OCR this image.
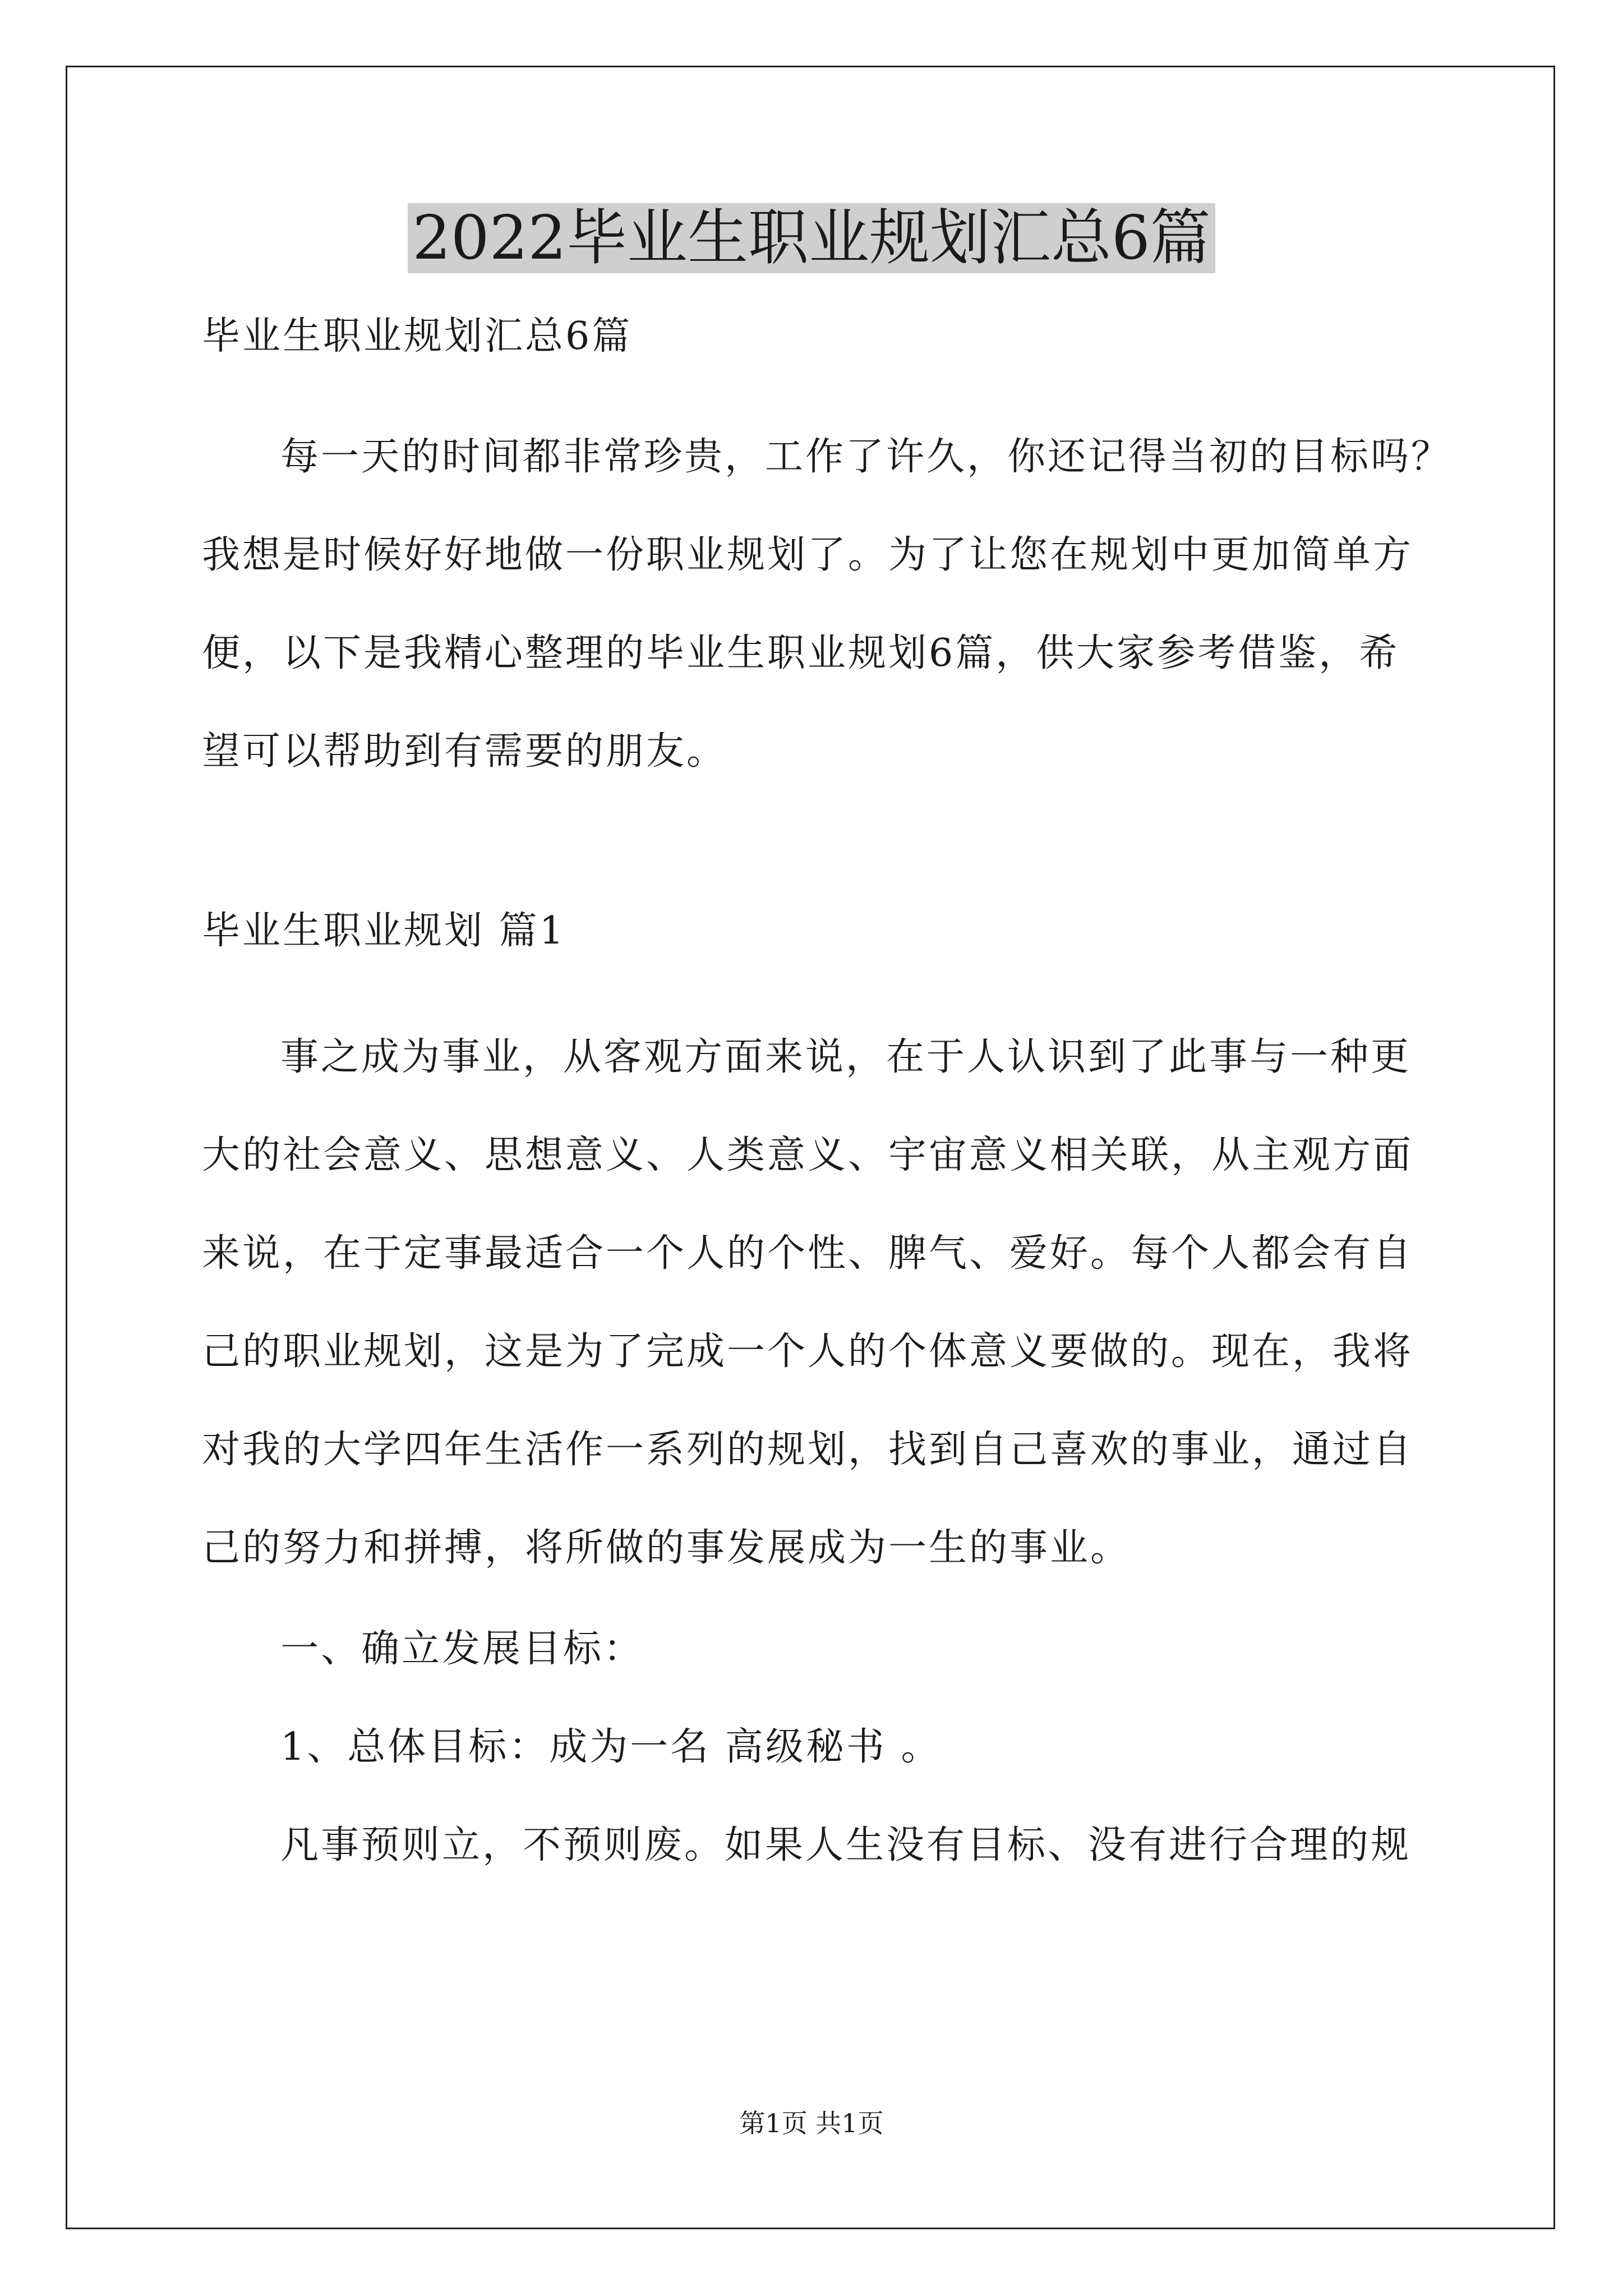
2022毕业生职业规划汇总6篇
毕业生职业规划汇总6篇
每一天的时间都非常珍贵，工作了许久，你还记得当初的目标吗？
我想是时候好好地做一份职业规划了。为了让您在规划中更加简单方
便，以下是我精心整理的毕业生职业规划6篇，供大家参考借鉴，希
望可以帮助到有需要的朋友。
毕业生职业规划 篇1
事之成为事业，从客观方面来说，在于人认识到了此事与一种更
大的社会意义、思想意义、人类意义、宇宙意义相关联，从主观方面
来说，在于定事最适合一个人的个性、脾气、爱好。每个人都会有自
己的职业规划，这是为了完成一个人的个体意义要做的。现在，我将
对我的大学四年生活作一系列的规划，找到自己喜欢的事业，通过自
己的努力和拼搏，将所做的事发展成为一生的事业。
一、确立发展目标：
1、总体目标：成为一名 高级秘书 。
凡事预则立，不预则废。如果人生没有目标、没有进行合理的规
第1页 共1页
